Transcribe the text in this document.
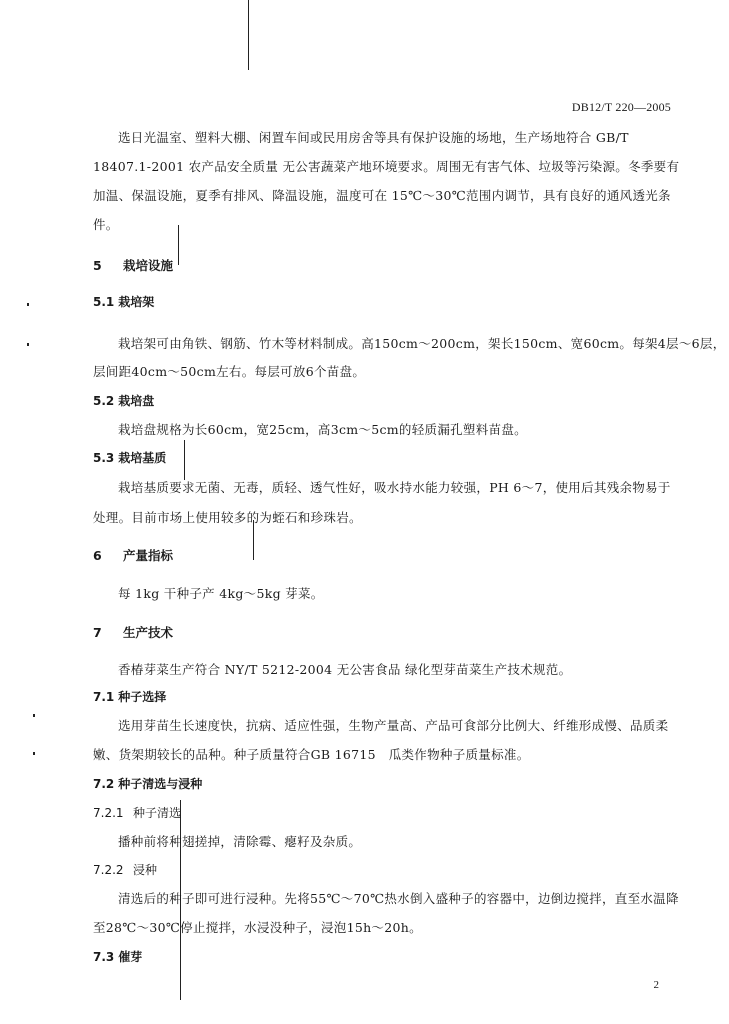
DB12/T 220—2005
选日光温室、塑料大棚、闲置车间或民用房舍等具有保护设施的场地，生产场地符合 GB/T
18407.1-2001 农产品安全质量 无公害蔬菜产地环境要求。周围无有害气体、垃圾等污染源。冬季要有
加温、保温设施，夏季有排风、降温设施，温度可在 15℃～30℃范围内调节，具有良好的通风透光条
件。
5 栽培设施
5.1 栽培架
栽培架可由角铁、钢筋、竹木等材料制成。高150cm～200cm，架长150cm、宽60cm。每架4层～6层，
层间距40cm～50cm左右。每层可放6个苗盘。
5.2 栽培盘
栽培盘规格为长60cm，宽25cm，高3cm～5cm的轻质漏孔塑料苗盘。
5.3 栽培基质
栽培基质要求无菌、无毒，质轻、透气性好，吸水持水能力较强，PH 6～7，使用后其残余物易于
处理。目前市场上使用较多的为蛭石和珍珠岩。
6 产量指标
每 1kg 干种子产 4kg～5kg 芽菜。
7 生产技术
香椿芽菜生产符合 NY/T 5212-2004 无公害食品 绿化型芽苗菜生产技术规范。
7.1 种子选择
选用芽苗生长速度快，抗病、适应性强，生物产量高、产品可食部分比例大、纤维形成慢、品质柔
嫩、货架期较长的品种。种子质量符合GB 16715　瓜类作物种子质量标准。
7.2 种子清选与浸种
7.2.1 种子清选
播种前将种翅搓掉，清除霉、瘪籽及杂质。
7.2.2 浸种
清选后的种子即可进行浸种。先将55℃～70℃热水倒入盛种子的容器中，边倒边搅拌，直至水温降
至28℃～30℃停止搅拌，水浸没种子，浸泡15h～20h。
7.3 催芽
2
